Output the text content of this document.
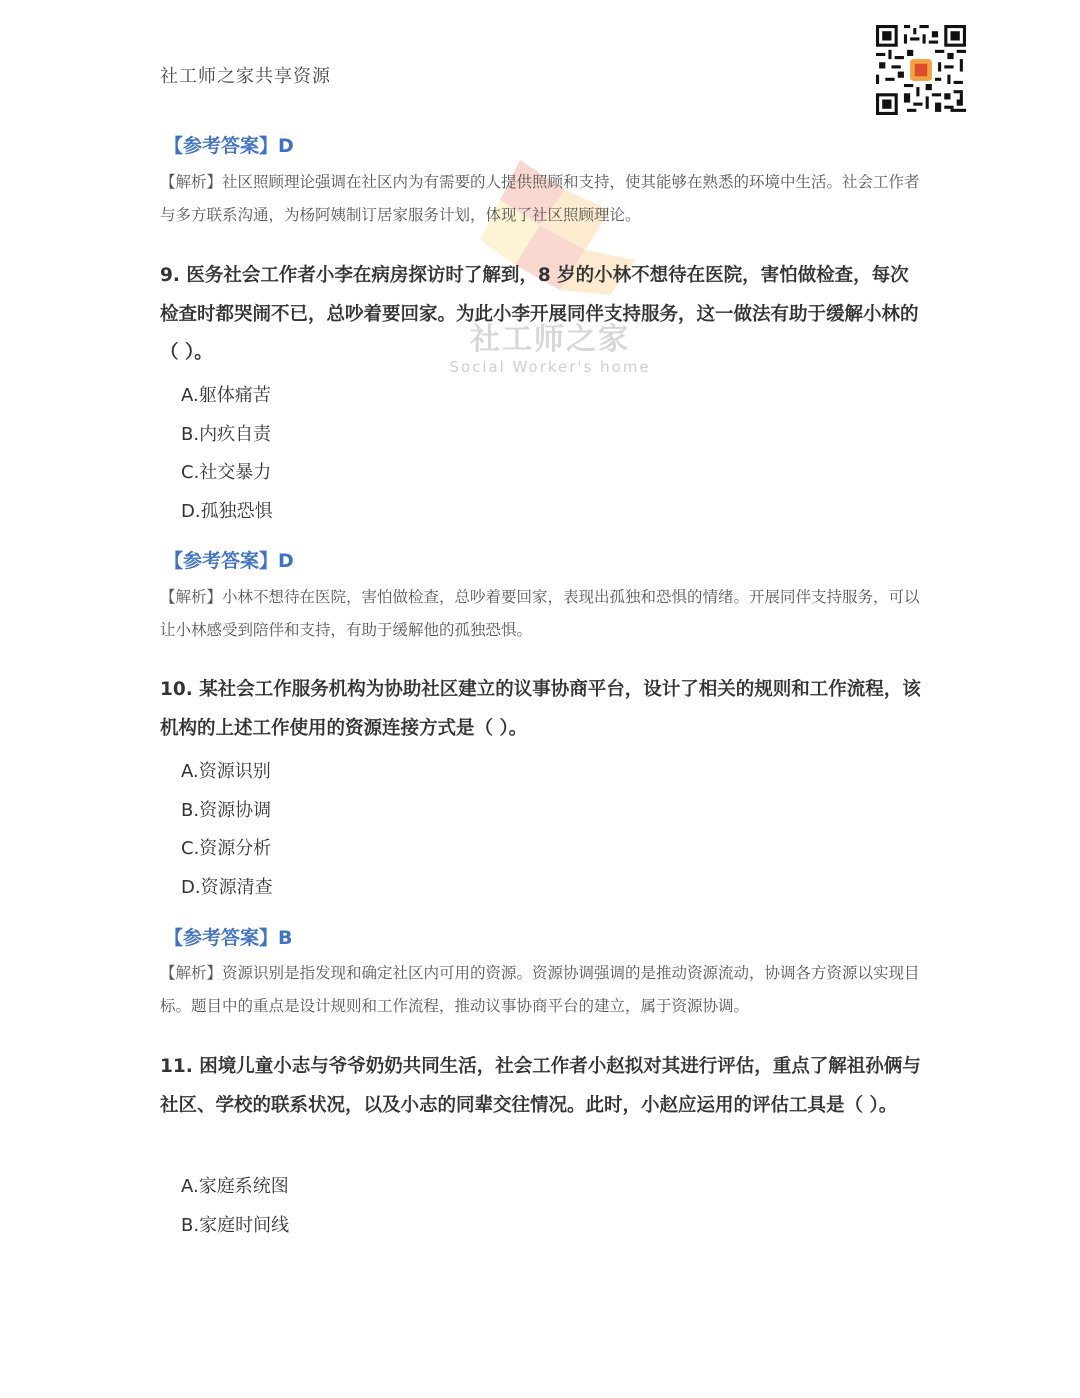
社工师之家共享资源
社工师之家
Social Worker's home
【参考答案】D
【解析】社区照顾理论强调在社区内为有需要的人提供照顾和支持，使其能够在熟悉的环境中生活。社会工作者与多方联系沟通，为杨阿姨制订居家服务计划，体现了社区照顾理论。
9. 医务社会工作者小李在病房探访时了解到，8 岁的小林不想待在医院，害怕做检查，每次检查时都哭闹不已，总吵着要回家。为此小李开展同伴支持服务，这一做法有助于缓解小林的（ ）。
A.躯体痛苦
B.内疚自责
C.社交暴力
D.孤独恐惧
【参考答案】D
【解析】小林不想待在医院，害怕做检查，总吵着要回家，表现出孤独和恐惧的情绪。开展同伴支持服务，可以让小林感受到陪伴和支持，有助于缓解他的孤独恐惧。
10. 某社会工作服务机构为协助社区建立的议事协商平台，设计了相关的规则和工作流程，该机构的上述工作使用的资源连接方式是（ ）。
A.资源识别
B.资源协调
C.资源分析
D.资源清查
【参考答案】B
【解析】资源识别是指发现和确定社区内可用的资源。资源协调强调的是推动资源流动，协调各方资源以实现目标。题目中的重点是设计规则和工作流程，推动议事协商平台的建立，属于资源协调。
11. 困境儿童小志与爷爷奶奶共同生活，社会工作者小赵拟对其进行评估，重点了解祖孙俩与社区、学校的联系状况，以及小志的同辈交往情况。此时，小赵应运用的评估工具是（ ）。
A.家庭系统图
B.家庭时间线
